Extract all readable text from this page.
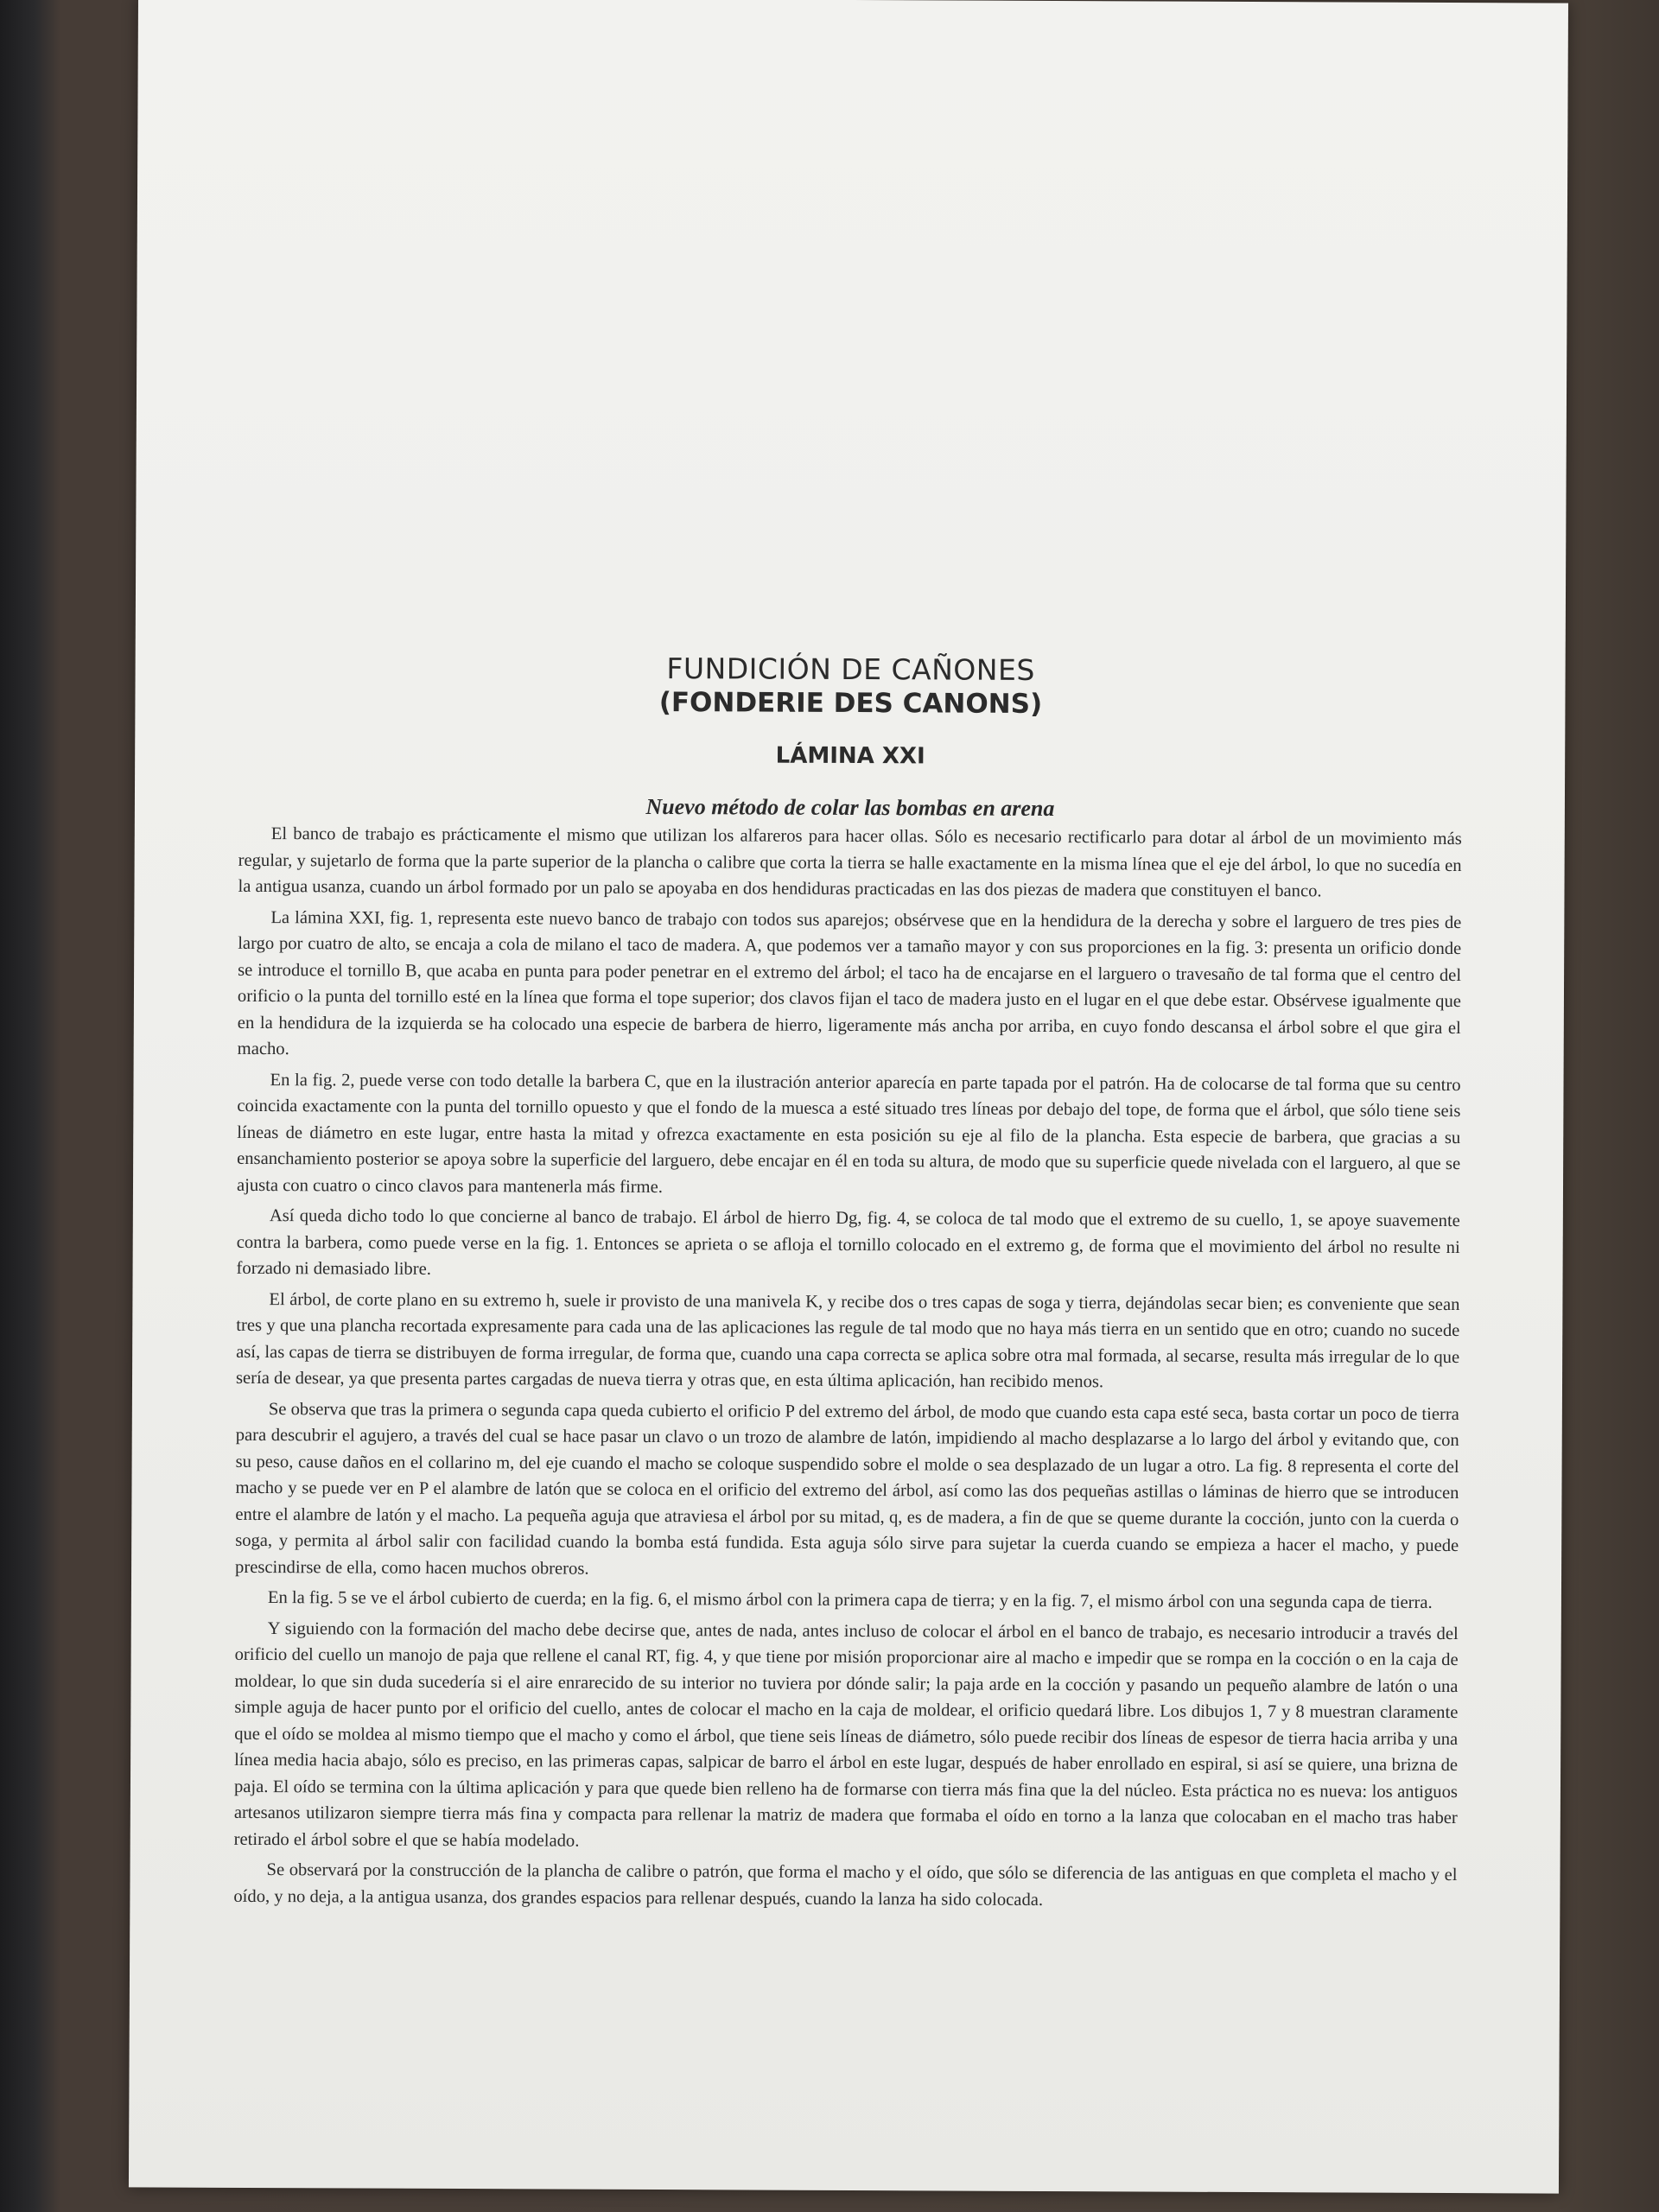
FUNDICIÓN DE CAÑONES
(FONDERIE DES CANONS)
LÁMINA XXI
Nuevo método de colar las bombas en arena

El banco de trabajo es prácticamente el mismo que utilizan los alfareros para hacer ollas. Sólo es necesario rectificarlo para dotar al árbol de un movimiento más regular, y sujetarlo de forma que la parte superior de la plancha o calibre que corta la tierra se halle exactamente en la misma línea que el eje del árbol, lo que no sucedía en la antigua usanza, cuando un árbol formado por un palo se apoyaba en dos hendiduras practicadas en las dos piezas de madera que constituyen el banco.

La lámina XXI, fig. 1, representa este nuevo banco de trabajo con todos sus aparejos; obsérvese que en la hendidura de la derecha y sobre el larguero de tres pies de largo por cuatro de alto, se encaja a cola de milano el taco de madera. A, que podemos ver a tamaño mayor y con sus proporciones en la fig. 3: presenta un orificio donde se introduce el tornillo B, que acaba en punta para poder penetrar en el extremo del árbol; el taco ha de encajarse en el larguero o travesaño de tal forma que el centro del orificio o la punta del tornillo esté en la línea que forma el tope superior; dos clavos fijan el taco de madera justo en el lugar en el que debe estar. Obsérvese igualmente que en la hendidura de la izquierda se ha colocado una especie de barbera de hierro, ligeramente más ancha por arriba, en cuyo fondo descansa el árbol sobre el que gira el macho.

En la fig. 2, puede verse con todo detalle la barbera C, que en la ilustración anterior aparecía en parte tapada por el patrón. Ha de colocarse de tal forma que su centro coincida exactamente con la punta del tornillo opuesto y que el fondo de la muesca a esté situado tres líneas por debajo del tope, de forma que el árbol, que sólo tiene seis líneas de diámetro en este lugar, entre hasta la mitad y ofrezca exactamente en esta posición su eje al filo de la plancha. Esta especie de barbera, que gracias a su ensanchamiento posterior se apoya sobre la superficie del larguero, debe encajar en él en toda su altura, de modo que su superficie quede nivelada con el larguero, al que se ajusta con cuatro o cinco clavos para mantenerla más firme.

Así queda dicho todo lo que concierne al banco de trabajo. El árbol de hierro Dg, fig. 4, se coloca de tal modo que el extremo de su cuello, 1, se apoye suavemente contra la barbera, como puede verse en la fig. 1. Entonces se aprieta o se afloja el tornillo colocado en el extremo g, de forma que el movimiento del árbol no resulte ni forzado ni demasiado libre.

El árbol, de corte plano en su extremo h, suele ir provisto de una manivela K, y recibe dos o tres capas de soga y tierra, dejándolas secar bien; es conveniente que sean tres y que una plancha recortada expresamente para cada una de las aplicaciones las regule de tal modo que no haya más tierra en un sentido que en otro; cuando no sucede así, las capas de tierra se distribuyen de forma irregular, de forma que, cuando una capa correcta se aplica sobre otra mal formada, al secarse, resulta más irregular de lo que sería de desear, ya que presenta partes cargadas de nueva tierra y otras que, en esta última aplicación, han recibido menos.

Se observa que tras la primera o segunda capa queda cubierto el orificio P del extremo del árbol, de modo que cuando esta capa esté seca, basta cortar un poco de tierra para descubrir el agujero, a través del cual se hace pasar un clavo o un trozo de alambre de latón, impidiendo al macho desplazarse a lo largo del árbol y evitando que, con su peso, cause daños en el collarino m, del eje cuando el macho se coloque suspendido sobre el molde o sea desplazado de un lugar a otro. La fig. 8 representa el corte del macho y se puede ver en P el alambre de latón que se coloca en el orificio del extremo del árbol, así como las dos pequeñas astillas o láminas de hierro que se introducen entre el alambre de latón y el macho. La pequeña aguja que atraviesa el árbol por su mitad, q, es de madera, a fin de que se queme durante la cocción, junto con la cuerda o soga, y permita al árbol salir con facilidad cuando la bomba está fundida. Esta aguja sólo sirve para sujetar la cuerda cuando se empieza a hacer el macho, y puede prescindirse de ella, como hacen muchos obreros.

En la fig. 5 se ve el árbol cubierto de cuerda; en la fig. 6, el mismo árbol con la primera capa de tierra; y en la fig. 7, el mismo árbol con una segunda capa de tierra.

Y siguiendo con la formación del macho debe decirse que, antes de nada, antes incluso de colocar el árbol en el banco de trabajo, es necesario introducir a través del orificio del cuello un manojo de paja que rellene el canal RT, fig. 4, y que tiene por misión proporcionar aire al macho e impedir que se rompa en la cocción o en la caja de moldear, lo que sin duda sucedería si el aire enrarecido de su interior no tuviera por dónde salir; la paja arde en la cocción y pasando un pequeño alambre de latón o una simple aguja de hacer punto por el orificio del cuello, antes de colocar el macho en la caja de moldear, el orificio quedará libre. Los dibujos 1, 7 y 8 muestran claramente que el oído se moldea al mismo tiempo que el macho y como el árbol, que tiene seis líneas de diámetro, sólo puede recibir dos líneas de espesor de tierra hacia arriba y una línea media hacia abajo, sólo es preciso, en las primeras capas, salpicar de barro el árbol en este lugar, después de haber enrollado en espiral, si así se quiere, una brizna de paja. El oído se termina con la última aplicación y para que quede bien relleno ha de formarse con tierra más fina que la del núcleo. Esta práctica no es nueva: los antiguos artesanos utilizaron siempre tierra más fina y compacta para rellenar la matriz de madera que formaba el oído en torno a la lanza que colocaban en el macho tras haber retirado el árbol sobre el que se había modelado.

Se observará por la construcción de la plancha de calibre o patrón, que forma el macho y el oído, que sólo se diferencia de las antiguas en que completa el macho y el oído, y no deja, a la antigua usanza, dos grandes espacios para rellenar después, cuando la lanza ha sido colocada.
